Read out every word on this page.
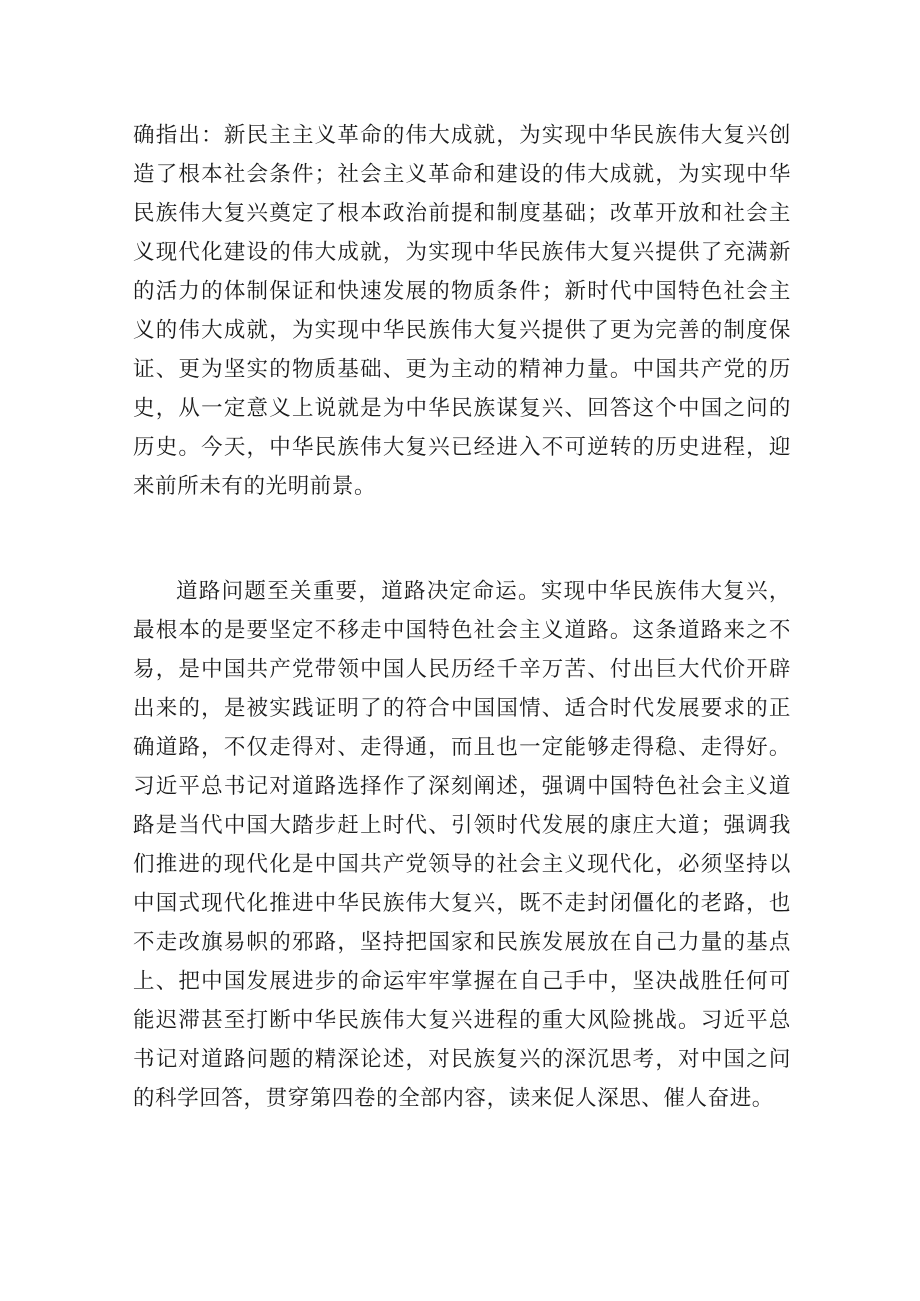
确指出：新民主主义革命的伟大成就，为实现中华民族伟大复兴创造了根本社会条件；社会主义革命和建设的伟大成就，为实现中华民族伟大复兴奠定了根本政治前提和制度基础；改革开放和社会主义现代化建设的伟大成就，为实现中华民族伟大复兴提供了充满新的活力的体制保证和快速发展的物质条件；新时代中国特色社会主义的伟大成就，为实现中华民族伟大复兴提供了更为完善的制度保证、更为坚实的物质基础、更为主动的精神力量。中国共产党的历史，从一定意义上说就是为中华民族谋复兴、回答这个中国之问的历史。今天，中华民族伟大复兴已经进入不可逆转的历史进程，迎来前所未有的光明前景。

道路问题至关重要，道路决定命运。实现中华民族伟大复兴，最根本的是要坚定不移走中国特色社会主义道路。这条道路来之不易，是中国共产党带领中国人民历经千辛万苦、付出巨大代价开辟出来的，是被实践证明了的符合中国国情、适合时代发展要求的正确道路，不仅走得对、走得通，而且也一定能够走得稳、走得好。习近平总书记对道路选择作了深刻阐述，强调中国特色社会主义道路是当代中国大踏步赶上时代、引领时代发展的康庄大道；强调我们推进的现代化是中国共产党领导的社会主义现代化，必须坚持以中国式现代化推进中华民族伟大复兴，既不走封闭僵化的老路，也不走改旗易帜的邪路，坚持把国家和民族发展放在自己力量的基点上、把中国发展进步的命运牢牢掌握在自己手中，坚决战胜任何可能迟滞甚至打断中华民族伟大复兴进程的重大风险挑战。习近平总书记对道路问题的精深论述，对民族复兴的深沉思考，对中国之问的科学回答，贯穿第四卷的全部内容，读来促人深思、催人奋进。
